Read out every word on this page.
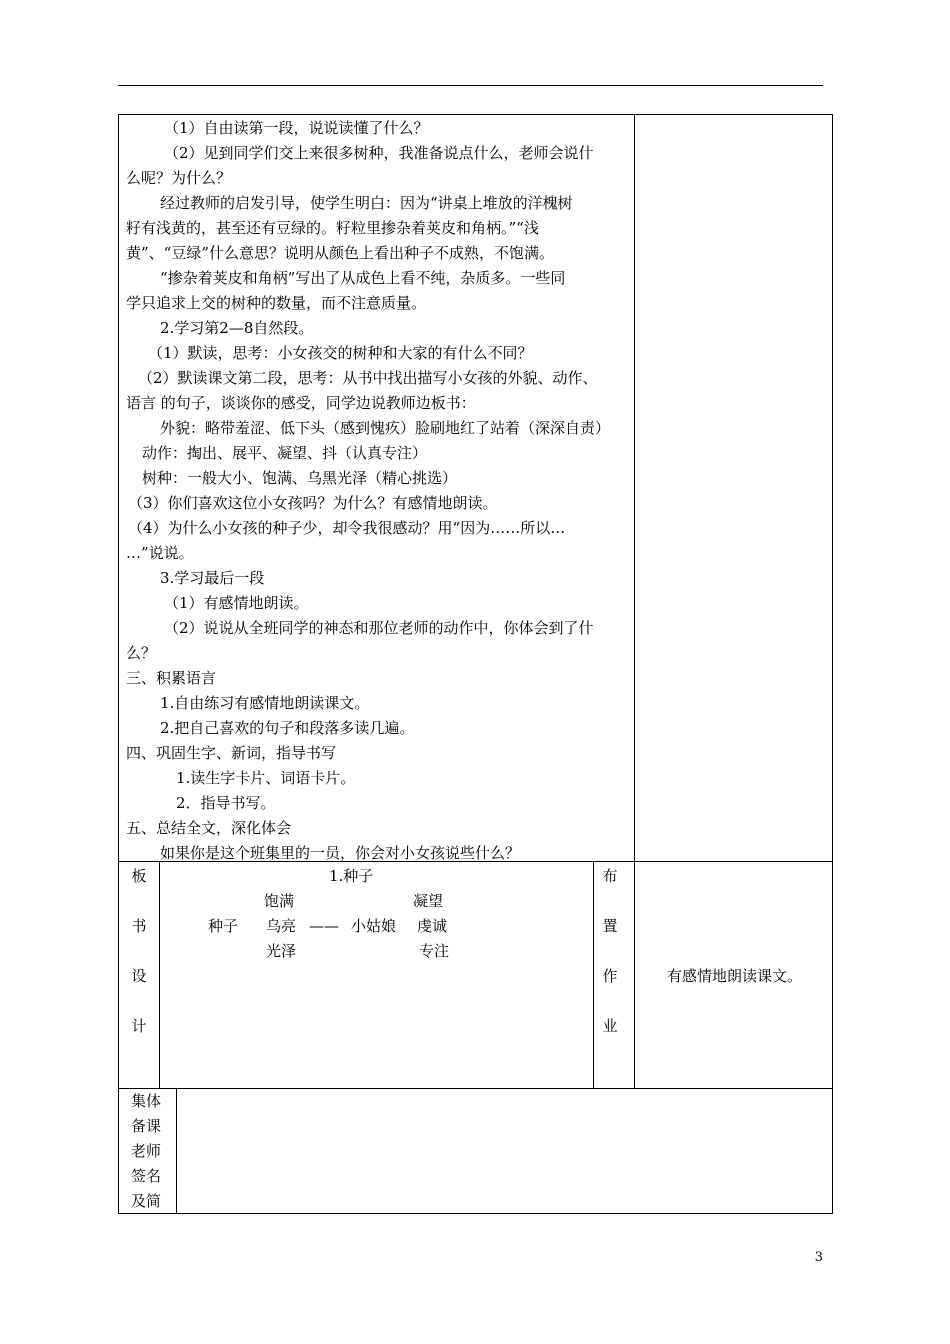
（1）自由读第一段，说说读懂了什么？
（2）见到同学们交上来很多树种，我准备说点什么，老师会说什
么呢？为什么？
经过教师的启发引导，使学生明白：因为“讲桌上堆放的洋槐树
籽有浅黄的，甚至还有豆绿的。籽粒里掺杂着荚皮和角柄。”“浅
黄”、“豆绿”什么意思？说明从颜色上看出种子不成熟，不饱满。
“掺杂着荚皮和角柄”写出了从成色上看不纯，杂质多。一些同
学只追求上交的树种的数量，而不注意质量。
2.学习第2—8自然段。
（1）默读，思考：小女孩交的树种和大家的有什么不同？
（2）默读课文第二段，思考：从书中找出描写小女孩的外貌、动作、
语言 的句子，谈谈你的感受，同学边说教师边板书：
外貌：略带羞涩、低下头（感到愧疚）脸刷地红了站着（深深自责）
动作：掏出、展平、凝望、抖（认真专注）
树种：一般大小、饱满、乌黑光泽（精心挑选）
（3）你们喜欢这位小女孩吗？为什么？有感情地朗读。
（4）为什么小女孩的种子少，却令我很感动？用“因为……所以…
…”说说。
3.学习最后一段
（1）有感情地朗读。
（2）说说从全班同学的神态和那位老师的动作中，你体会到了什
么？
三、积累语言
1.自由练习有感情地朗读课文。
2.把自己喜欢的句子和段落多读几遍。
四、巩固生字、新词，指导书写
1.读生字卡片、词语卡片。
2．指导书写。
五、总结全文，深化体会
如果你是这个班集里的一员，你会对小女孩说些什么？
板
书
设
计
1.种子
饱满	凝望
种子 乌亮 —— 小姑娘 虔诚
光泽	专注
布
置
作
业
有感情地朗读课文。
集体
备课
老师
签名
及简
3
